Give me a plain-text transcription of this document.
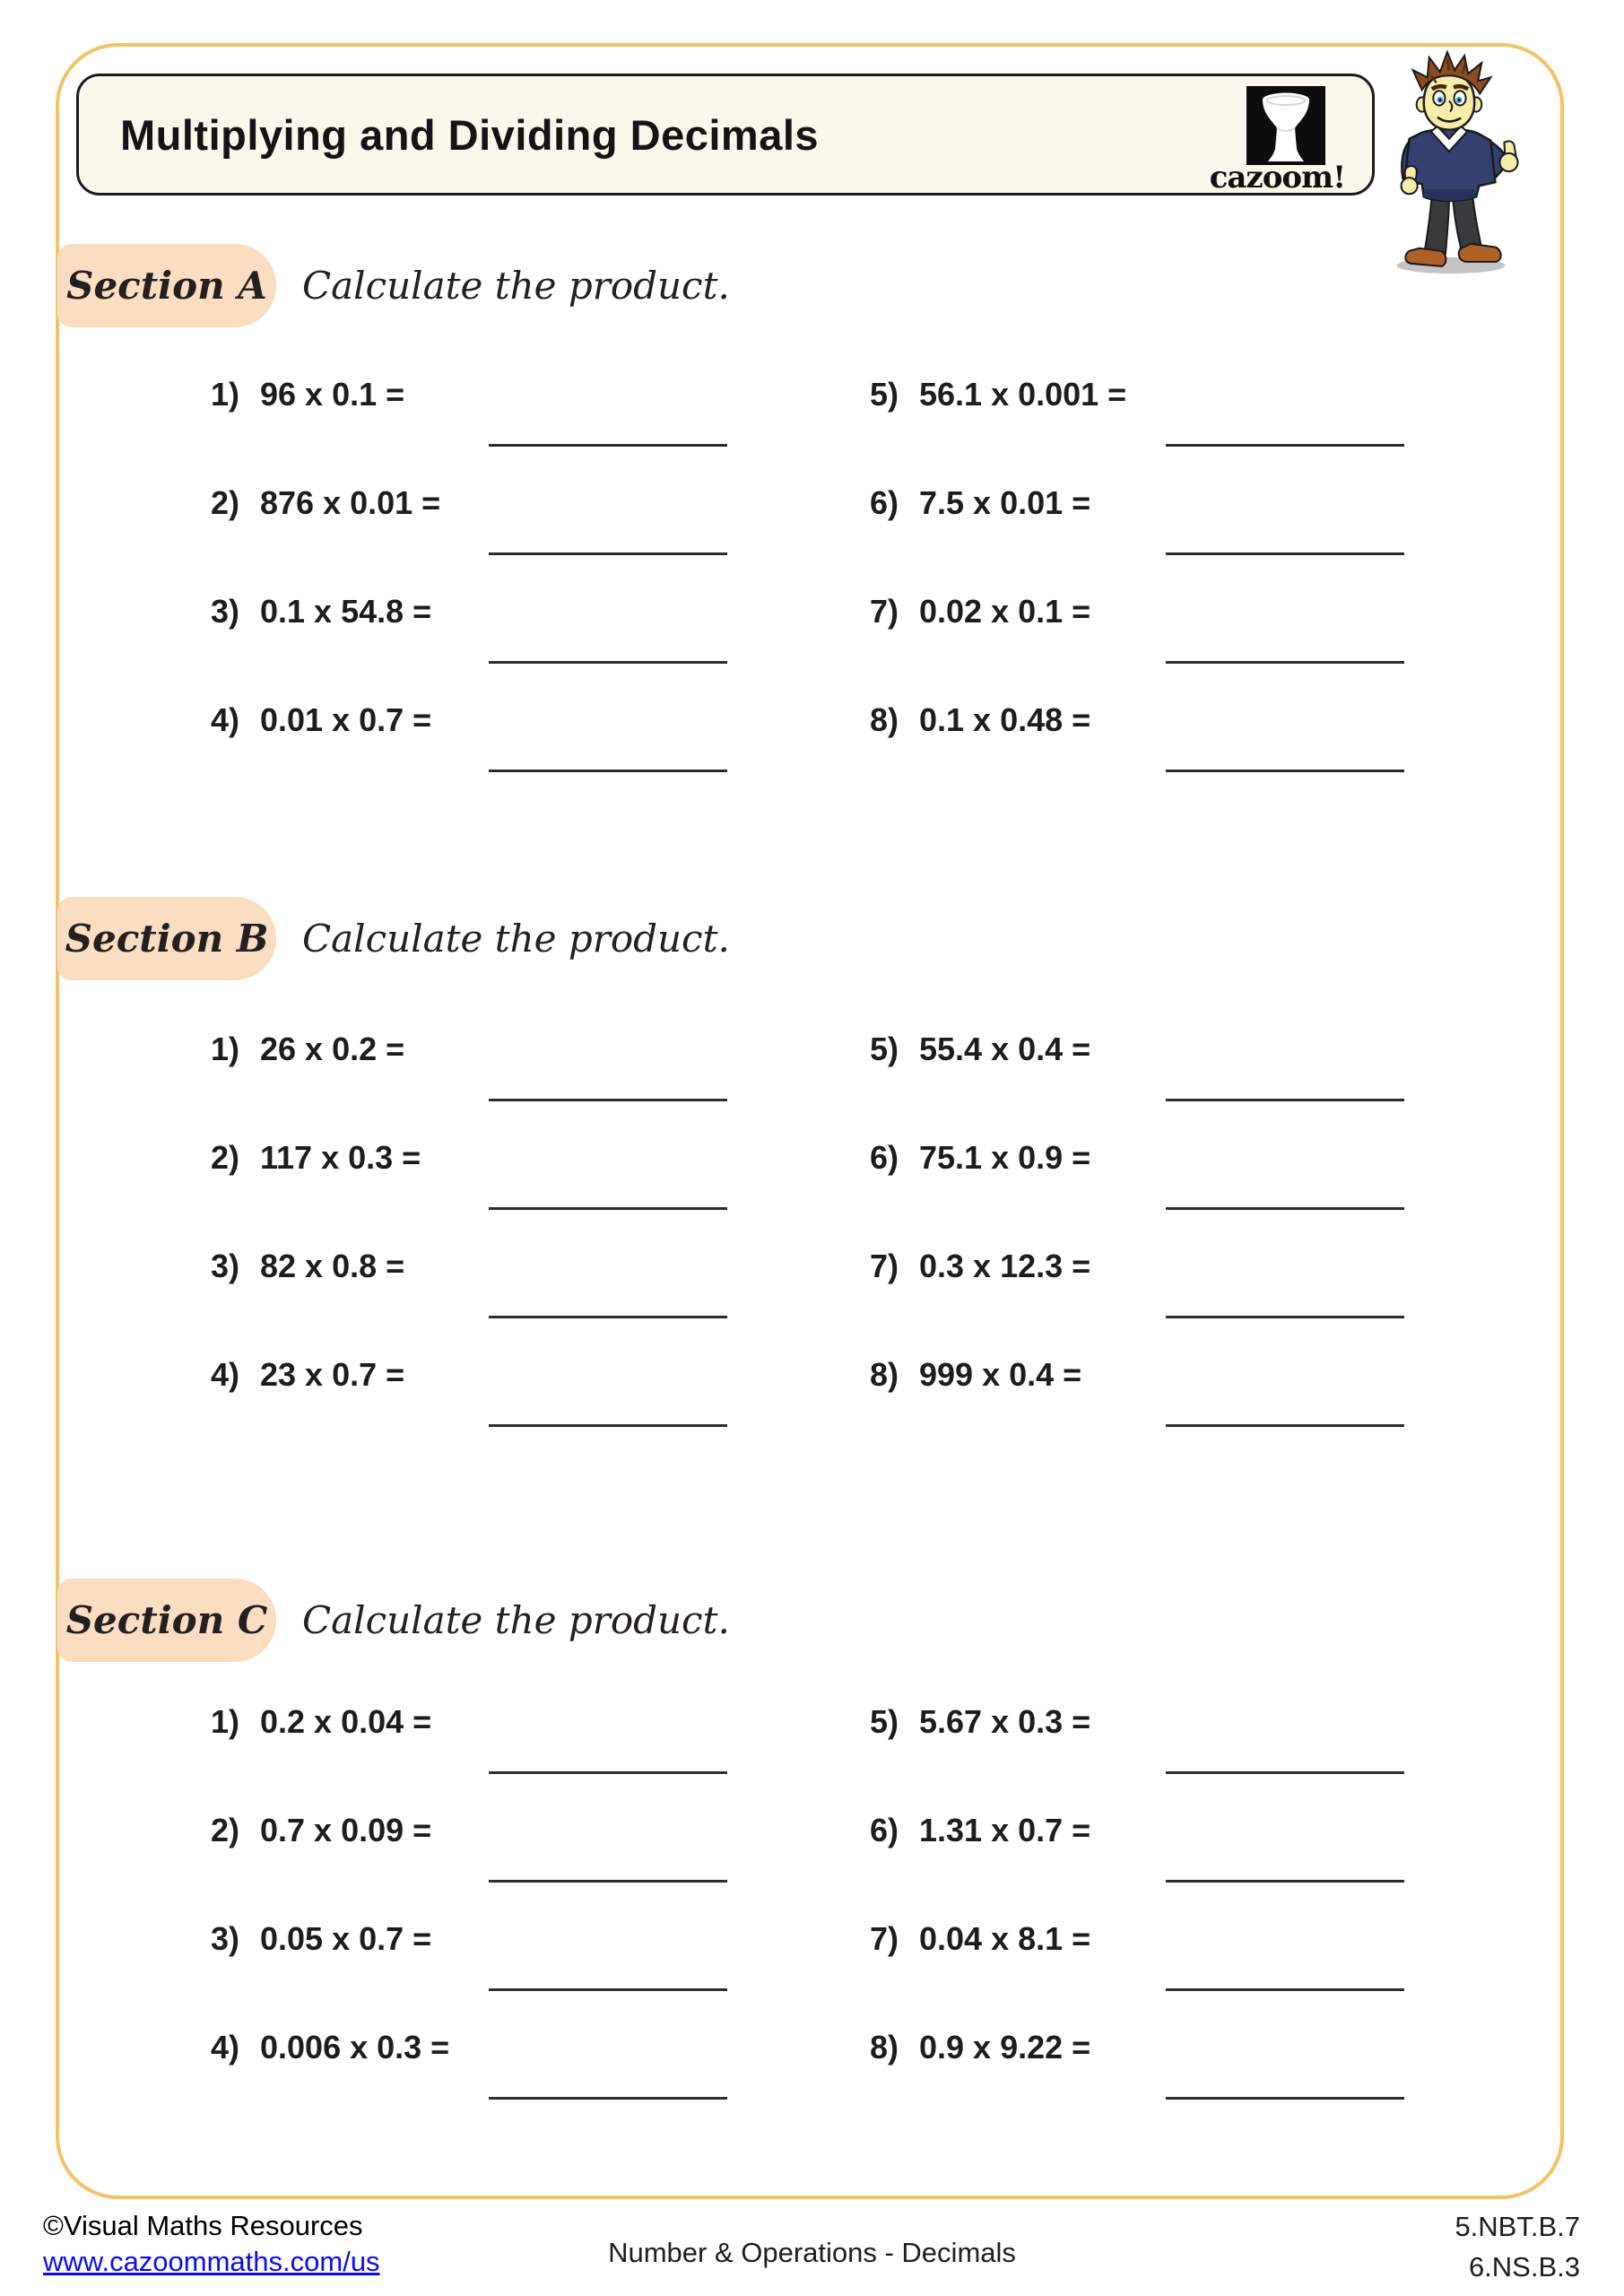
Multiplying and Dividing Decimals
cazoom!
Section A Calculate the product.
1) 96 x 0.1 =
2) 876 x 0.01 =
3) 0.1 x 54.8 =
4) 0.01 x 0.7 =
5) 56.1 x 0.001 =
6) 7.5 x 0.01 =
7) 0.02 x 0.1 =
8) 0.1 x 0.48 =
Section B Calculate the product.
1) 26 x 0.2 =
2) 117 x 0.3 =
3) 82 x 0.8 =
4) 23 x 0.7 =
5) 55.4 x 0.4 =
6) 75.1 x 0.9 =
7) 0.3 x 12.3 =
8) 999 x 0.4 =
Section C Calculate the product.
1) 0.2 x 0.04 =
2) 0.7 x 0.09 =
3) 0.05 x 0.7 =
4) 0.006 x 0.3 =
5) 5.67 x 0.3 =
6) 1.31 x 0.7 =
7) 0.04 x 8.1 =
8) 0.9 x 9.22 =
©Visual Maths Resources
www.cazoommaths.com/us	Number & Operations - Decimals
5.NBT.B.7
6.NS.B.3
